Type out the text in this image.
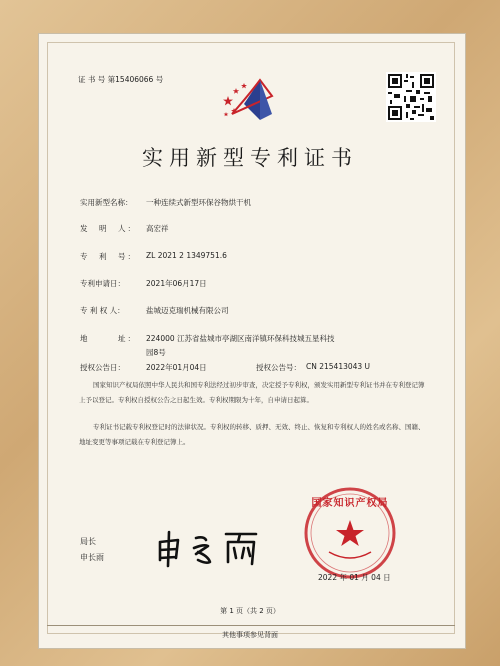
证 书 号 第15406066 号
实用新型专利证书
实用新型名称： 一种连续式新型环保谷物烘干机
发　明　人： 高宏祥
专　利　号： ZL 2021 2 1349751.6
专利申请日：	2021年06月17日
专 利 权 人：	盐城迈克瑞机械有限公司
地　　　址： 224000 江苏省盐城市亭湖区南洋镇环保科技城五星科技
园8号
授权公告日：	2022年01月04日	授权公告号： CN 215413043 U
国家知识产权局依照中华人民共和国专利法经过初步审查，决定授予专利权，颁发实用新型专利证书并在专利登记簿上予以登记。专利权自授权公告之日起生效。专利权期限为十年，自申请日起算。
专利证书记载专利权登记时的法律状况。专利权的转移、质押、无效、终止、恢复和专利权人的姓名或名称、国籍、地址变更等事项记载在专利登记簿上。
局长
申长雨
国家知识产权局
2022 年 01 月 04 日
第 1 页（共 2 页）
其他事项参见背面
